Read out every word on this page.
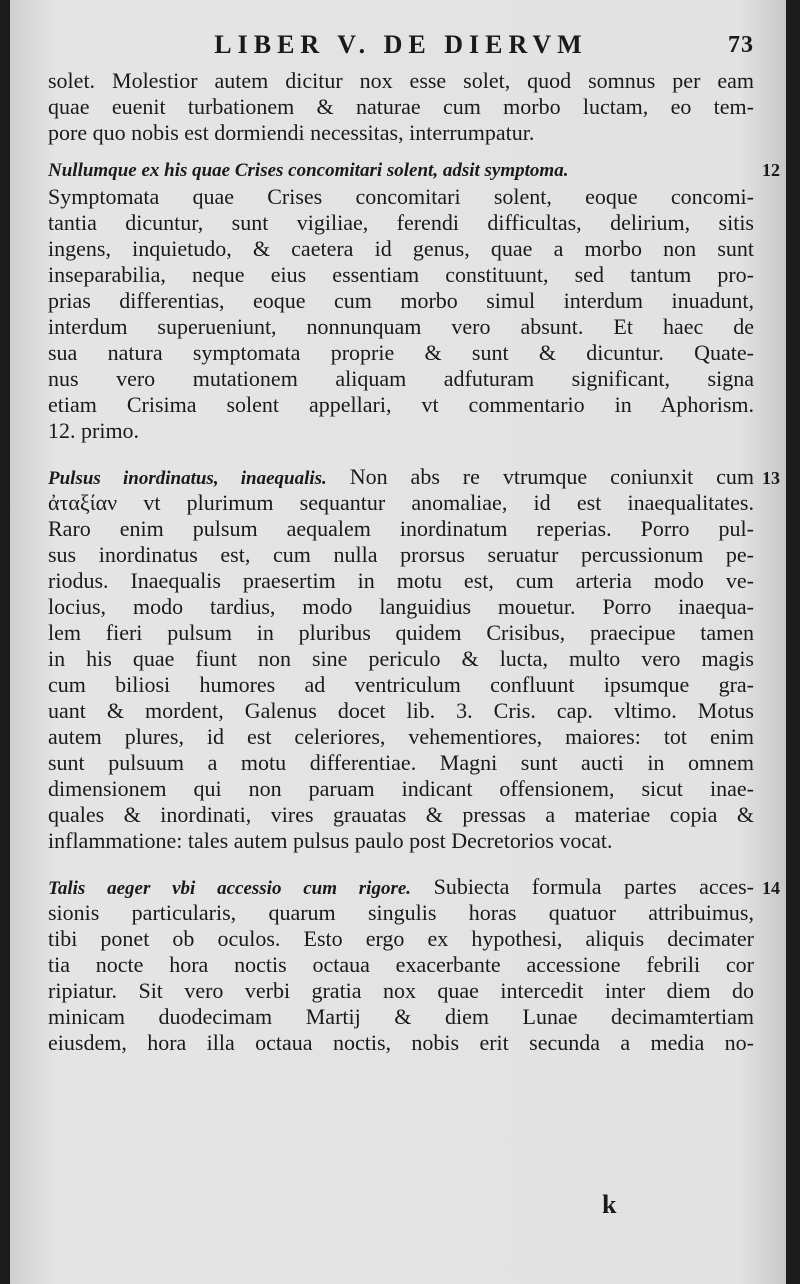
LIBER V. DE DIERVM	73
solet. Molestior autem dicitur nox esse solet, quod somnus per eam
quae euenit turbationem & naturae cum morbo luctam, eo tem-
pore quo nobis est dormiendi necessitas, interrumpatur.
12
Nullumque ex his quae Crises concomitari solent, adsit symptoma.
Symptomata quae Crises concomitari solent, eoque concomi-
tantia dicuntur, sunt vigiliae, ferendi difficultas, delirium, sitis
ingens, inquietudo, & caetera id genus, quae a morbo non sunt
inseparabilia, neque eius essentiam constituunt, sed tantum pro-
prias differentias, eoque cum morbo simul interdum inuadunt,
interdum superueniunt, nonnunquam vero absunt. Et haec de
sua natura symptomata proprie & sunt & dicuntur. Quate-
nus vero mutationem aliquam adfuturam significant, signa
etiam Crisima solent appellari, vt commentario in Aphorism.
12. primo.
13
Pulsus inordinatus, inaequalis. Non abs re vtrumque coniunxit cum
ἀταξίαν vt plurimum sequantur anomaliae, id est inaequalitates.
Raro enim pulsum aequalem inordinatum reperias. Porro pul-
sus inordinatus est, cum nulla prorsus seruatur percussionum pe-
riodus. Inaequalis praesertim in motu est, cum arteria modo ve-
locius, modo tardius, modo languidius mouetur. Porro inaequa-
lem fieri pulsum in pluribus quidem Crisibus, praecipue tamen
in his quae fiunt non sine periculo & lucta, multo vero magis
cum biliosi humores ad ventriculum confluunt ipsumque gra-
uant & mordent, Galenus docet lib. 3. Cris. cap. vltimo. Motus
autem plures, id est celeriores, vehementiores, maiores: tot enim
sunt pulsuum a motu differentiae. Magni sunt aucti in omnem
dimensionem qui non paruam indicant offensionem, sicut inae-
quales & inordinati, vires grauatas & pressas a materiae copia &
inflammatione: tales autem pulsus paulo post Decretorios vocat.
14
Talis aeger vbi accessio cum rigore. Subiecta formula partes acces-
sionis particularis, quarum singulis horas quatuor attribuimus,
tibi ponet ob oculos. Esto ergo ex hypothesi, aliquis decimater
tia nocte hora noctis octaua exacerbante accessione febrili cor
ripiatur. Sit vero verbi gratia nox quae intercedit inter diem do
minicam duodecimam Martij & diem Lunae decimamtertiam
eiusdem, hora illa octaua noctis, nobis erit secunda a media no-
k
